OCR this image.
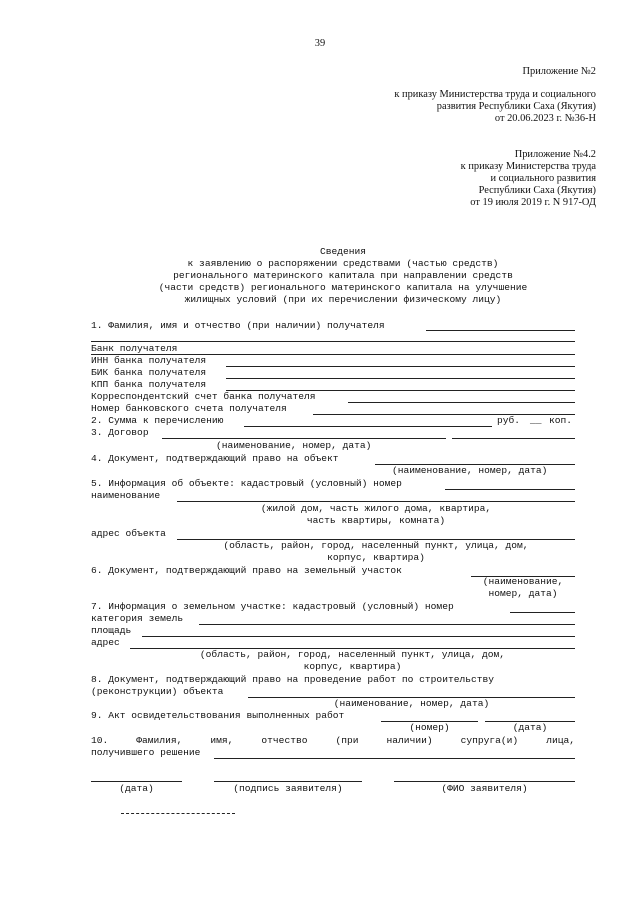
39
Приложение №2
к приказу Министерства труда и социального
развития Республики Саха (Якутия)
от 20.06.2023 г. №36-Н
Приложение №4.2
к приказу Министерства труда
и социального развития
Республики Саха (Якутия)
от 19 июля 2019 г. N 917-ОД
Сведения
к заявлению о распоряжении средствами (частью средств)
регионального материнского капитала при направлении средств
(части средств) регионального материнского капитала на улучшение
жилищных условий (при их перечислении физическому лицу)
1. Фамилия, имя и отчество (при наличии) получателя
Банк получателя
ИНН банка получателя
БИК банка получателя
КПП банка получателя
Корреспондентский счет банка получателя
Номер банковского счета получателя
2. Сумма к перечислению	руб. __ коп.
3. Договор
(наименование, номер, дата)
4. Документ, подтверждающий право на объект
(наименование, номер, дата)
5. Информация об объекте: кадастровый (условный) номер
наименование
(жилой дом, часть жилого дома, квартира,
часть квартиры, комната)
адрес объекта
(область, район, город, населенный пункт, улица, дом,
корпус, квартира)
6. Документ, подтверждающий право на земельный участок
(наименование,
номер, дата)
7. Информация о земельном участке: кадастровый (условный) номер
категория земель
площадь
адрес
(область, район, город, населенный пункт, улица, дом,
корпус, квартира)
8. Документ, подтверждающий право на проведение работ по строительству
(реконструкции) объекта
(наименование, номер, дата)
9. Акт освидетельствования выполненных работ
(номер)	(дата)
10. Фамилия, имя, отчество (при наличии) супруга(и) лица,
получившего решение
(дата)	(подпись заявителя)	(ФИО заявителя)
